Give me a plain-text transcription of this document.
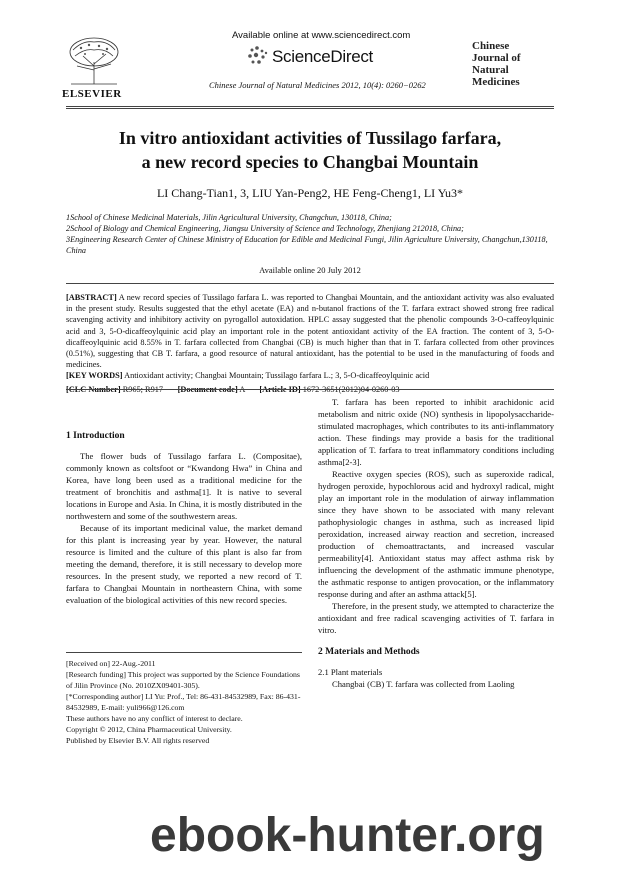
Available online at www.sciencedirect.com
ScienceDirect
Chinese Journal of Natural Medicines 2012, 10(4): 0260−0262
ELSEVIER
Chinese
Journal of
Natural
Medicines
In vitro antioxidant activities of Tussilago farfara,
a new record species to Changbai Mountain
LI Chang-Tian1, 3, LIU Yan-Peng2, HE Feng-Cheng1, LI Yu3*
1School of Chinese Medicinal Materials, Jilin Agricultural University, Changchun, 130118, China;
2School of Biology and Chemical Engineering, Jiangsu University of Science and Technology, Zhenjiang 212018, China;
3Engineering Research Center of Chinese Ministry of Education for Edible and Medicinal Fungi, Jilin Agriculture University, Changchun,130118, China
Available online 20 July 2012
[ABSTRACT] A new record species of Tussilago farfara L. was reported to Changbai Mountain, and the antioxidant activity was also evaluated in the present study. Results suggested that the ethyl acetate (EA) and n-butanol fractions of the T. farfara extract showed strong free radical scavenging activity and inhibitory activity on pyrogallol autoxidation. HPLC assay suggested that the phenolic compounds 3-O-caffeoylquinic acid and 3, 5-O-dicaffeoylquinic acid play an important role in the potent antioxidant activity of the EA fraction. The content of 3, 5-O-dicaffeoylquinic acid 8.55% in T. farfara collected from Changbai (CB) is much higher than that in T. farfara collected from other provinces (0.51%), suggesting that CB T. farfara, a good resource of natural antioxidant, has the potential to be used in the manufacturing of foods and medicines.
[KEY WORDS] Antioxidant activity; Changbai Mountain; Tussilago farfara L.; 3, 5-O-dicaffeoylquinic acid
[CLC Number] R965; R917 [Document code] A [Article ID] 1672-3651(2012)04-0260-03
1 Introduction

The flower buds of Tussilago farfara L. (Compositae), commonly known as coltsfoot or “Kwandong Hwa” in China and Korea, have long been used as a traditional medicine for the treatment of bronchitis and asthma[1]. It is native to several locations in Europe and Asia. In China, it is mostly distributed in the northwestern and some of the southwestern areas.

Because of its important medicinal value, the market demand for this plant is increasing year by year. However, the natural resource is limited and the culture of this plant is also far from meeting the demand, therefore, it is still necessary to develop more resources. In the present study, we reported a new record of T. farfara to Changbai Mountain in northeastern China, with some evaluation of the biological activities of this new record species.

[Received on] 22-Aug.-2011
[Research funding] This project was supported by the Science Foundations of Jilin Province (No. 2010ZX09401-305).
[*Corresponding author] LI Yu: Prof., Tel: 86-431-84532989, Fax: 86-431-84532989, E-mail: yuli966@126.com
These authors have no any conflict of interest to declare.
Copyright © 2012, China Pharmaceutical University.
Published by Elsevier B.V. All rights reserved

T. farfara has been reported to inhibit arachidonic acid metabolism and nitric oxide (NO) synthesis in lipopolysaccharide-stimulated macrophages, which contributes to its anti-inflammatory action. These findings may provide a basis for the traditional application of T. farfara to treat inflammatory conditions including asthma[2-3].

Reactive oxygen species (ROS), such as superoxide radical, hydrogen peroxide, hypochlorous acid and hydroxyl radical, might play an important role in the modulation of airway inflammation since they have shown to be associated with many relevant pathophysiologic changes in asthma, such as increased lipid peroxidation, increased airway reaction and secretion, increased production of chemoattractants, and increased vascular permeability[4]. Antioxidant status may affect asthma risk by influencing the development of the asthmatic immune phenotype, the asthmatic response to antigen provocation, or the inflammatory response during and after an asthma attack[5].

Therefore, in the present study, we attempted to characterize the antioxidant and free radical scavenging activities of T. farfara in vitro.

2 Materials and Methods
2.1 Plant materials

Changbai (CB) T. farfara was collected from Laoling

ebook-hunter.org
